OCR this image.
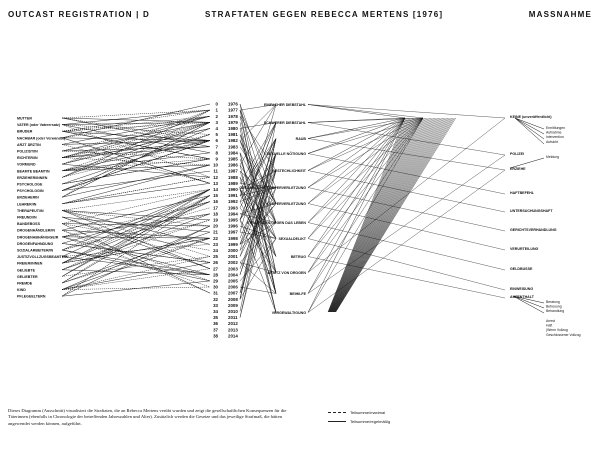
OUTCAST REGISTRATION | D	STRAFTATEN GEGEN REBECCA MERTENS [1976]	MASSNAHME
MUTTER
VATER (oder Vaterersatz)
BRUDER
NACHBAR (oder Verwandte)
ARZT ÄRZTIN
POLIZIST/IN
RICHTER/IN
VORMUND
BEAMTE BEAMTIN
ERZIEHER/INNEN
PSYCHOLOGE
PSYCHOLOGIN
ERZIEHERIN
LEHRER/IN
THERAPEUT/IN
FREUND/IN
BANDEBOSS
DROGENHÄNDLER/IN
DROGENABHÄNGIGE/R
DROGENFAHNDUNG
SOZIALARBEITER/IN
JUSTIZVOLLZUGSBEAMTE/R
FREIER/INNEN
GELIEBTE
GELIEBTER
FREMDE
KIND
PFLEGEELTERN
0
1
2
3
4
5
6
7
8
9
10
11
12
13
14
15
16
17
18
19
20
21
22
23
24
25
26
27
28
29
30
31
32
33
34
35
36
37
38
1976
1977
1978
1979
1980
1981
1982
1983
1984
1985
1986
1987
1988
1989
1990
1991
1992
1993
1994
1995
1996
1997
1998
1999
2000
2001
2002
2003
2004
2005
2006
2007
2008
2009
2010
2011
2012
2013
2014
EINFACHER DIEBSTAHL
SCHWERER DIEBSTAHL
RAUB
SEXUELLE NÖTIGUNG
BESTECHLICHKEIT
GEFÄHRLICHE KÖRPERVERLETZUNG
KÖRPERVERLETZUNG
STRAFTATEN GEGEN DAS LEBEN
SEXUALDELIKT
BETRUG
BESITZ VON DROGEN
BEIHILFE
VERGEWALTIGUNG
KEINE (unveröffentlicht)
POLIZEI
ERZIEHE
HAFTBEFEHL
UNTERSUCHUNGSHAFT
GERICHTSVERHANDLUNG
VERURTEILUNG
GELDBUSSE
EINWEISUNG
AUFENTHALT
Ermittlungen
Aufnahme
Intervention
Aufsicht
Meldung
Beratung
Betreuung
Behandlung
Arrest
Haft
(Wenn Vollzug
Geschlossener Vollzug
Dieses Diagramm (Ausschnitt) visualisiert die Straftaten, die an Rebecca Mertens verübt wurden und zeigt die gesellschaftlichen Konsequenzen für die Täterinnen (ebenfalls in Chronologie der betreffenden Jahreszahlen und Alter). Zusätzlich werden die Gesetze und das jeweilige Strafmaß, die hätten angewendet werden können, aufgeführt.
Teilsumme/maximal
Teilsumme/regelmäßig
